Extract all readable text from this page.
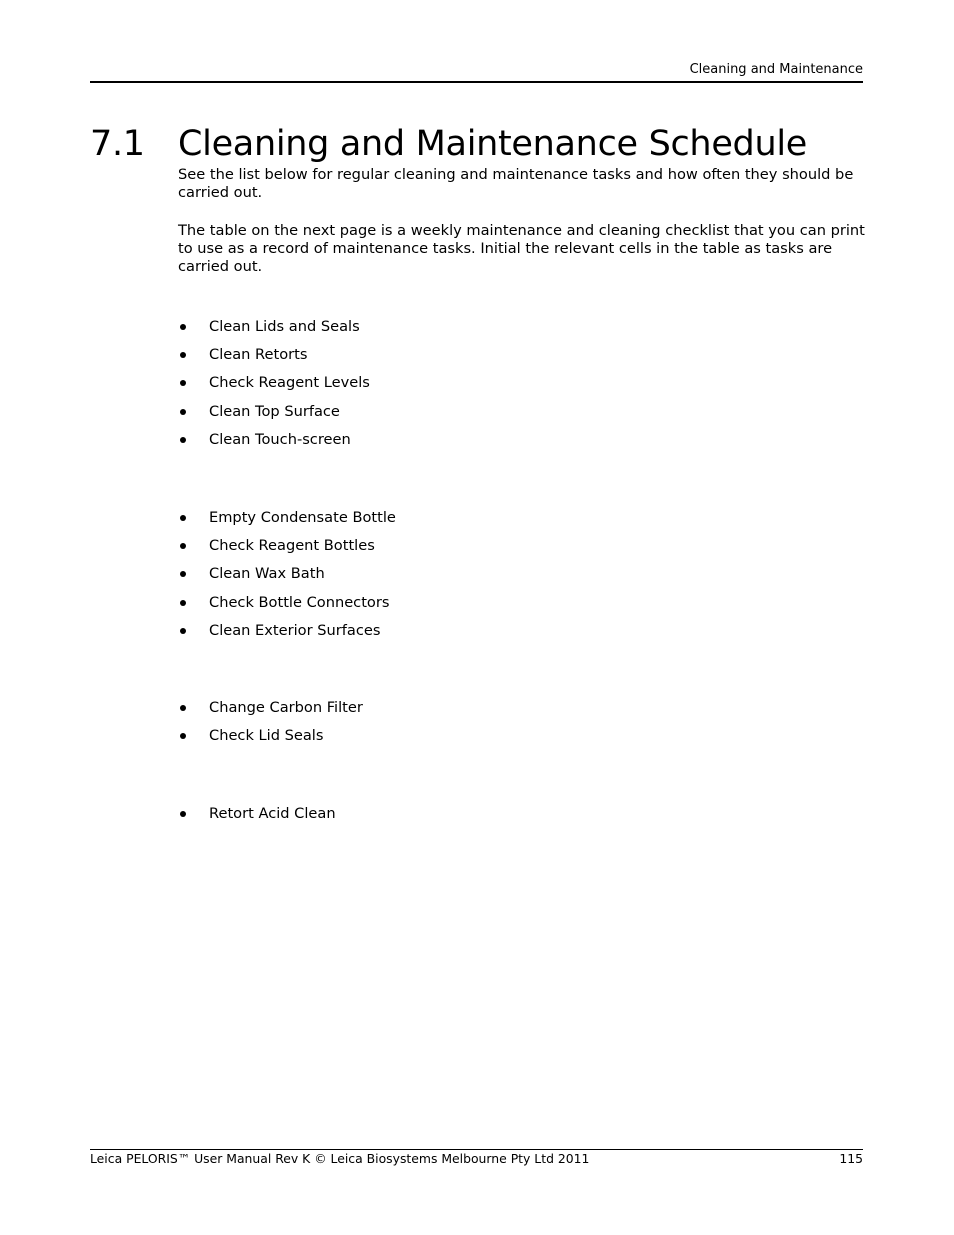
Cleaning and Maintenance
7.1 Cleaning and Maintenance Schedule

See the list below for regular cleaning and maintenance tasks and how often they should be carried out.

The table on the next page is a weekly maintenance and cleaning checklist that you can print to use as a record of maintenance tasks. Initial the relevant cells in the table as tasks are carried out.

Clean Lids and Seals
Clean Retorts
Check Reagent Levels
Clean Top Surface
Clean Touch-screen
Empty Condensate Bottle
Check Reagent Bottles
Clean Wax Bath
Check Bottle Connectors
Clean Exterior Surfaces
Change Carbon Filter
Check Lid Seals
Retort Acid Clean
Leica PELORIS™ User Manual Rev K © Leica Biosystems Melbourne Pty Ltd 2011	115
